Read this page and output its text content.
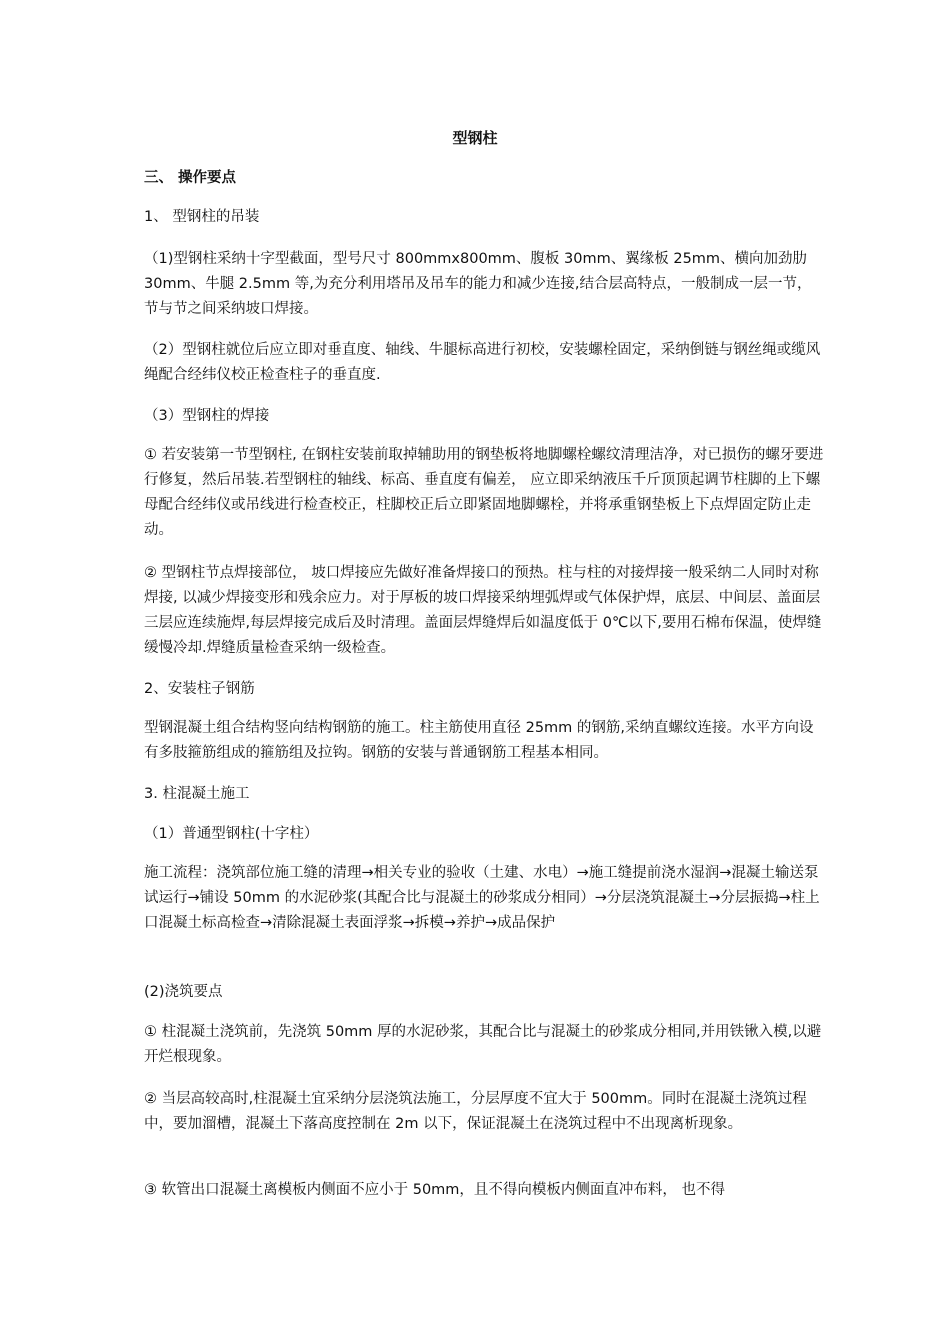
型钢柱

三、 操作要点

1、 型钢柱的吊装

（1)型钢柱采纳十字型截面，型号尺寸 800mmx800mm、腹板 30mm、翼缘板 25mm、横向加劲肋 30mm、牛腿 2.5mm 等,为充分利用塔吊及吊车的能力和减少连接,结合层高特点，一般制成一层一节，节与节之间采纳坡口焊接。

（2）型钢柱就位后应立即对垂直度、轴线、牛腿标高进行初校，安装螺栓固定，采纳倒链与钢丝绳或缆风绳配合经纬仪校正检查柱子的垂直度.

（3）型钢柱的焊接

① 若安装第一节型钢柱, 在钢柱安装前取掉辅助用的钢垫板将地脚螺栓螺纹清理洁净，对已损伤的螺牙要进行修复，然后吊装.若型钢柱的轴线、标高、垂直度有偏差， 应立即采纳液压千斤顶顶起调节柱脚的上下螺母配合经纬仪或吊线进行检查校正，柱脚校正后立即紧固地脚螺栓，并将承重钢垫板上下点焊固定防止走动。

② 型钢柱节点焊接部位， 坡口焊接应先做好准备焊接口的预热。柱与柱的对接焊接一般采纳二人同时对称焊接, 以减少焊接变形和残余应力。对于厚板的坡口焊接采纳埋弧焊或气体保护焊，底层、中间层、盖面层三层应连续施焊,每层焊接完成后及时清理。盖面层焊缝焊后如温度低于 0℃以下,要用石棉布保温，使焊缝缓慢冷却.焊缝质量检查采纳一级检查。

2、安装柱子钢筋

型钢混凝土组合结构竖向结构钢筋的施工。柱主筋使用直径 25mm 的钢筋,采纳直螺纹连接。水平方向设有多肢箍筋组成的箍筋组及拉钩。钢筋的安装与普通钢筋工程基本相同。

3. 柱混凝土施工

（1）普通型钢柱(十字柱）

施工流程：浇筑部位施工缝的清理→相关专业的验收（土建、水电）→施工缝提前浇水湿润→混凝土输送泵试运行→铺设 50mm 的水泥砂浆(其配合比与混凝土的砂浆成分相同）→分层浇筑混凝土→分层振捣→柱上口混凝土标高检查→清除混凝土表面浮浆→拆模→养护→成品保护

(2)浇筑要点

① 柱混凝土浇筑前，先浇筑 50mm 厚的水泥砂浆，其配合比与混凝土的砂浆成分相同,并用铁锹入模,以避开烂根现象。

② 当层高较高时,柱混凝土宜采纳分层浇筑法施工，分层厚度不宜大于 500mm。同时在混凝土浇筑过程中，要加溜槽，混凝土下落高度控制在 2m 以下，保证混凝土在浇筑过程中不出现离析现象。

③ 软管出口混凝土离模板内侧面不应小于 50mm，且不得向模板内侧面直冲布料， 也不得
